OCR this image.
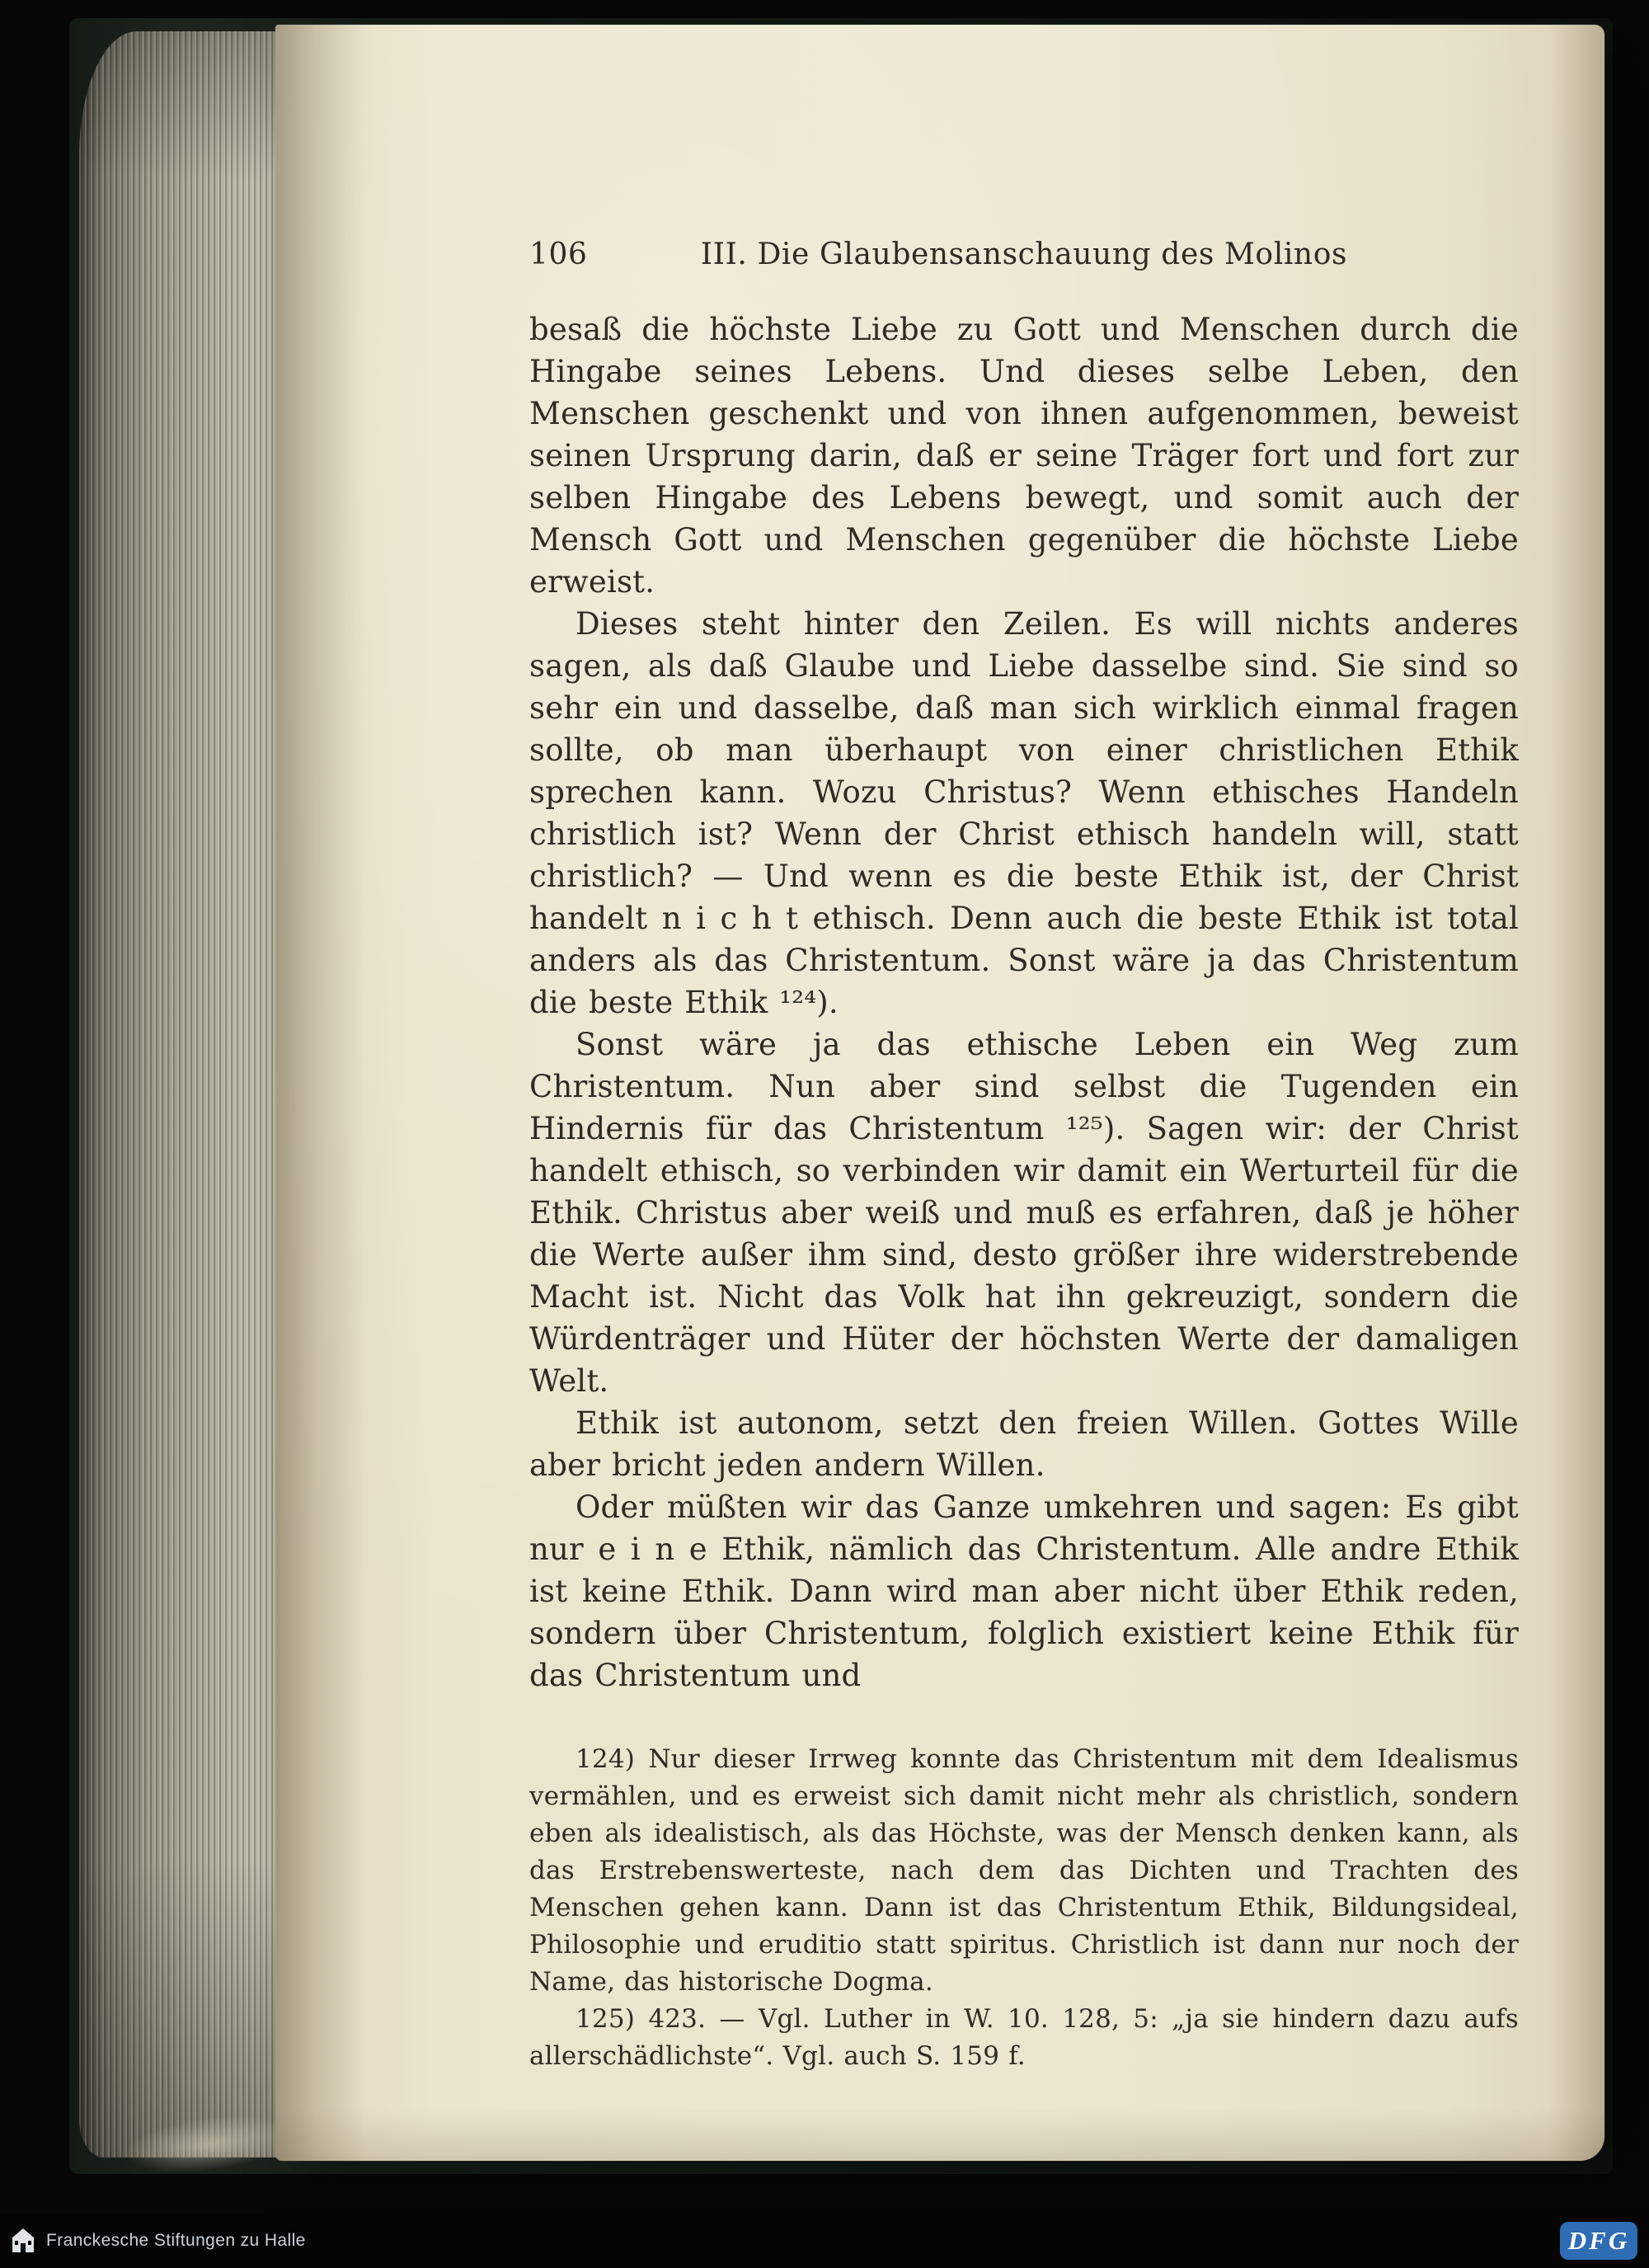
106	III. Die Glaubensanschauung des Molinos

besaß die höchste Liebe zu Gott und Menschen durch die Hingabe seines Lebens. Und dieses selbe Leben, den Menschen geschenkt und von ihnen aufgenommen, beweist seinen Ursprung darin, daß er seine Träger fort und fort zur selben Hingabe des Lebens bewegt, und somit auch der Mensch Gott und Menschen gegenüber die höchste Liebe erweist.

Dieses steht hinter den Zeilen. Es will nichts anderes sagen, als daß Glaube und Liebe dasselbe sind. Sie sind so sehr ein und dasselbe, daß man sich wirklich einmal fragen sollte, ob man überhaupt von einer christlichen Ethik sprechen kann. Wozu Christus? Wenn ethisches Handeln christlich ist? Wenn der Christ ethisch handeln will, statt christlich? — Und wenn es die beste Ethik ist, der Christ handelt n i c h t ethisch. Denn auch die beste Ethik ist total anders als das Christentum. Sonst wäre ja das Christentum die beste Ethik ¹²⁴).

Sonst wäre ja das ethische Leben ein Weg zum Christentum. Nun aber sind selbst die Tugenden ein Hindernis für das Christentum ¹²⁵). Sagen wir: der Christ handelt ethisch, so verbinden wir damit ein Werturteil für die Ethik. Christus aber weiß und muß es erfahren, daß je höher die Werte außer ihm sind, desto größer ihre widerstrebende Macht ist. Nicht das Volk hat ihn gekreuzigt, sondern die Würdenträger und Hüter der höchsten Werte der damaligen Welt.

Ethik ist autonom, setzt den freien Willen. Gottes Wille aber bricht jeden andern Willen.

Oder müßten wir das Ganze umkehren und sagen: Es gibt nur e i n e Ethik, nämlich das Christentum. Alle andre Ethik ist keine Ethik. Dann wird man aber nicht über Ethik reden, sondern über Christentum, folglich existiert keine Ethik für das Christentum und

124) Nur dieser Irrweg konnte das Christentum mit dem Idealismus vermählen, und es erweist sich damit nicht mehr als christlich, sondern eben als idealistisch, als das Höchste, was der Mensch denken kann, als das Erstrebenswerteste, nach dem das Dichten und Trachten des Menschen gehen kann. Dann ist das Christentum Ethik, Bildungsideal, Philosophie und eruditio statt spiritus. Christlich ist dann nur noch der Name, das historische Dogma.

125) 423. — Vgl. Luther in W. 10. 128, 5: „ja sie hindern dazu aufs allerschädlichste“. Vgl. auch S. 159 f.

Franckesche Stiftungen zu Halle	DFG
